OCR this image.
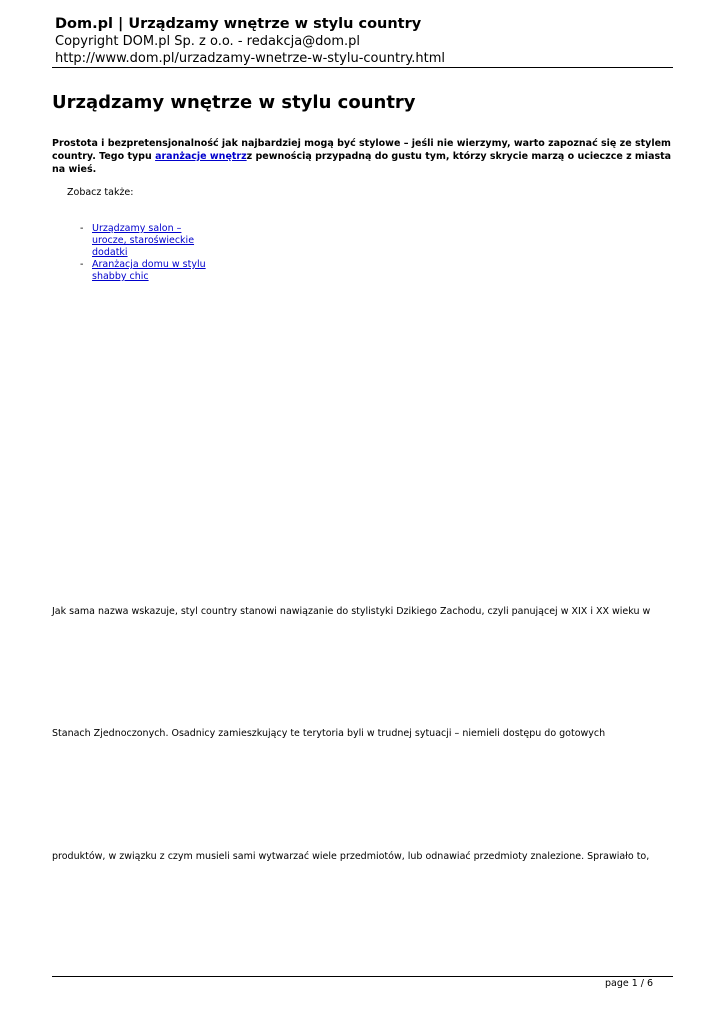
Dom.pl | Urządzamy wnętrze w stylu country
Copyright DOM.pl Sp. z o.o. - redakcja@dom.pl
http://www.dom.pl/urzadzamy-wnetrze-w-stylu-country.html
Urządzamy wnętrze w stylu country
Prostota i bezpretensjonalność jak najbardziej mogą być stylowe – jeśli nie wierzymy, warto zapoznać się ze stylem country. Tego typu aranżacje wnętrzz pewnością przypadną do gustu tym, którzy skrycie marzą o ucieczce z miasta na wieś.
Zobacz także:
- Urządzamy salon – urocze, staroświeckie dodatki
- Aranżacja domu w stylu shabby chic
Jak sama nazwa wskazuje, styl country stanowi nawiązanie do stylistyki Dzikiego Zachodu, czyli panującej w XIX i XX wieku w
Stanach Zjednoczonych. Osadnicy zamieszkujący te terytoria byli w trudnej sytuacji – niemieli dostępu do gotowych
produktów, w związku z czym musieli sami wytwarzać wiele przedmiotów, lub odnawiać przedmioty znalezione. Sprawiało to,
page 1 / 6
